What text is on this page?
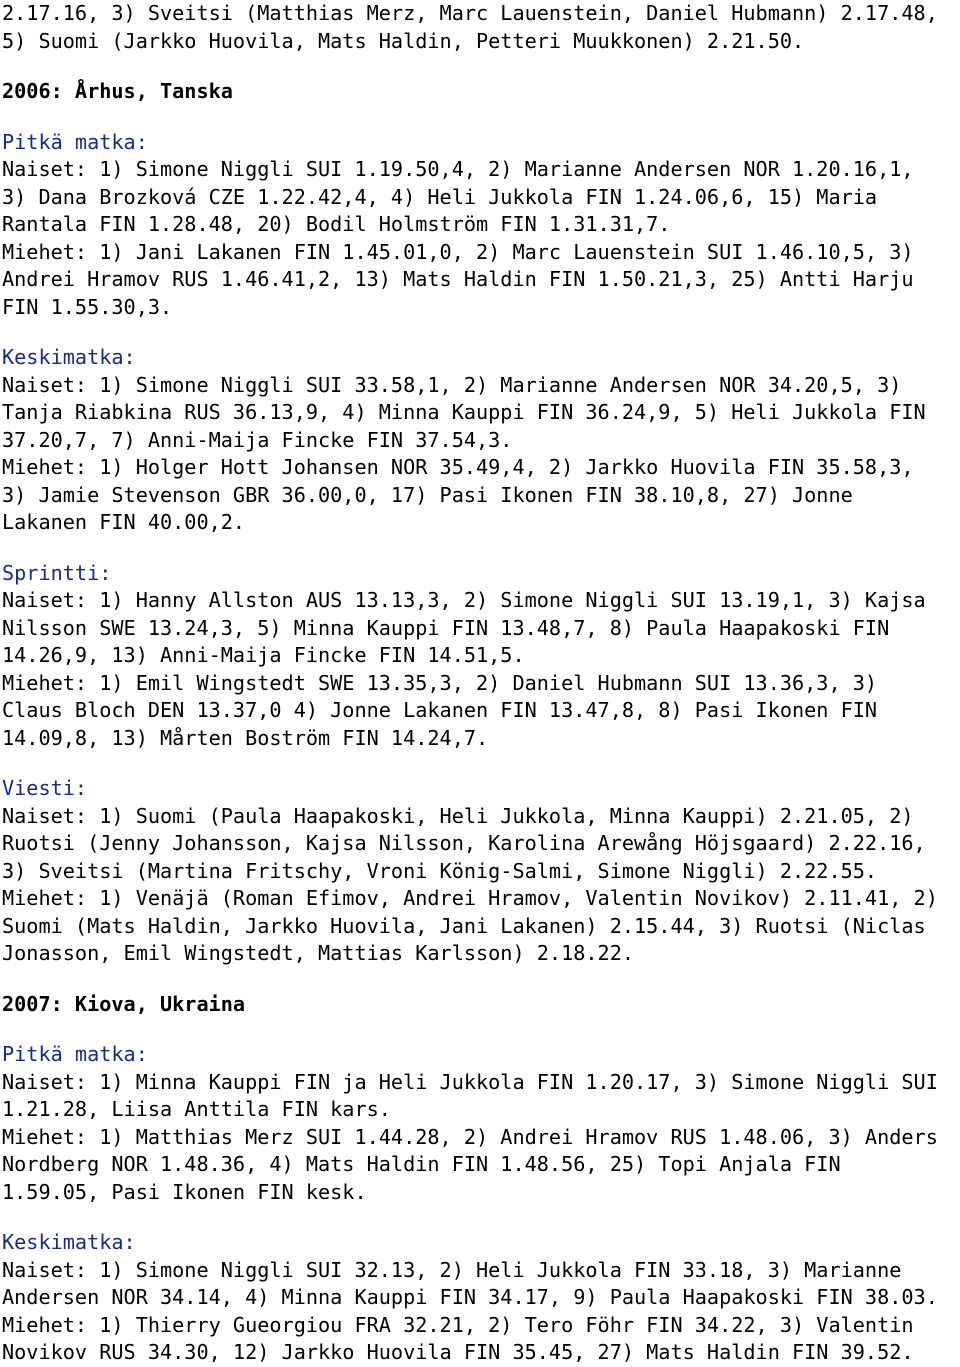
2.17.16, 3) Sveitsi (Matthias Merz, Marc Lauenstein, Daniel Hubmann) 2.17.48,
5) Suomi (Jarkko Huovila, Mats Haldin, Petteri Muukkonen) 2.21.50.
2006: Århus, Tanska
Pitkä matka:
Naiset: 1) Simone Niggli SUI 1.19.50,4, 2) Marianne Andersen NOR 1.20.16,1,
3) Dana Brozková CZE 1.22.42,4, 4) Heli Jukkola FIN 1.24.06,6, 15) Maria
Rantala FIN 1.28.48, 20) Bodil Holmström FIN 1.31.31,7.
Miehet: 1) Jani Lakanen FIN 1.45.01,0, 2) Marc Lauenstein SUI 1.46.10,5, 3)
Andrei Hramov RUS 1.46.41,2, 13) Mats Haldin FIN 1.50.21,3, 25) Antti Harju
FIN 1.55.30,3.
Keskimatka:
Naiset: 1) Simone Niggli SUI 33.58,1, 2) Marianne Andersen NOR 34.20,5, 3)
Tanja Riabkina RUS 36.13,9, 4) Minna Kauppi FIN 36.24,9, 5) Heli Jukkola FIN
37.20,7, 7) Anni-Maija Fincke FIN 37.54,3.
Miehet: 1) Holger Hott Johansen NOR 35.49,4, 2) Jarkko Huovila FIN 35.58,3,
3) Jamie Stevenson GBR 36.00,0, 17) Pasi Ikonen FIN 38.10,8, 27) Jonne
Lakanen FIN 40.00,2.
Sprintti:
Naiset: 1) Hanny Allston AUS 13.13,3, 2) Simone Niggli SUI 13.19,1, 3) Kajsa
Nilsson SWE 13.24,3, 5) Minna Kauppi FIN 13.48,7, 8) Paula Haapakoski FIN
14.26,9, 13) Anni-Maija Fincke FIN 14.51,5.
Miehet: 1) Emil Wingstedt SWE 13.35,3, 2) Daniel Hubmann SUI 13.36,3, 3)
Claus Bloch DEN 13.37,0 4) Jonne Lakanen FIN 13.47,8, 8) Pasi Ikonen FIN
14.09,8, 13) Mårten Boström FIN 14.24,7.
Viesti:
Naiset: 1) Suomi (Paula Haapakoski, Heli Jukkola, Minna Kauppi) 2.21.05, 2)
Ruotsi (Jenny Johansson, Kajsa Nilsson, Karolina Arewång Höjsgaard) 2.22.16,
3) Sveitsi (Martina Fritschy, Vroni König-Salmi, Simone Niggli) 2.22.55.
Miehet: 1) Venäjä (Roman Efimov, Andrei Hramov, Valentin Novikov) 2.11.41, 2)
Suomi (Mats Haldin, Jarkko Huovila, Jani Lakanen) 2.15.44, 3) Ruotsi (Niclas
Jonasson, Emil Wingstedt, Mattias Karlsson) 2.18.22.
2007: Kiova, Ukraina
Pitkä matka:
Naiset: 1) Minna Kauppi FIN ja Heli Jukkola FIN 1.20.17, 3) Simone Niggli SUI
1.21.28, Liisa Anttila FIN kars.
Miehet: 1) Matthias Merz SUI 1.44.28, 2) Andrei Hramov RUS 1.48.06, 3) Anders
Nordberg NOR 1.48.36, 4) Mats Haldin FIN 1.48.56, 25) Topi Anjala FIN
1.59.05, Pasi Ikonen FIN kesk.
Keskimatka:
Naiset: 1) Simone Niggli SUI 32.13, 2) Heli Jukkola FIN 33.18, 3) Marianne
Andersen NOR 34.14, 4) Minna Kauppi FIN 34.17, 9) Paula Haapakoski FIN 38.03.
Miehet: 1) Thierry Gueorgiou FRA 32.21, 2) Tero Föhr FIN 34.22, 3) Valentin
Novikov RUS 34.30, 12) Jarkko Huovila FIN 35.45, 27) Mats Haldin FIN 39.52.
